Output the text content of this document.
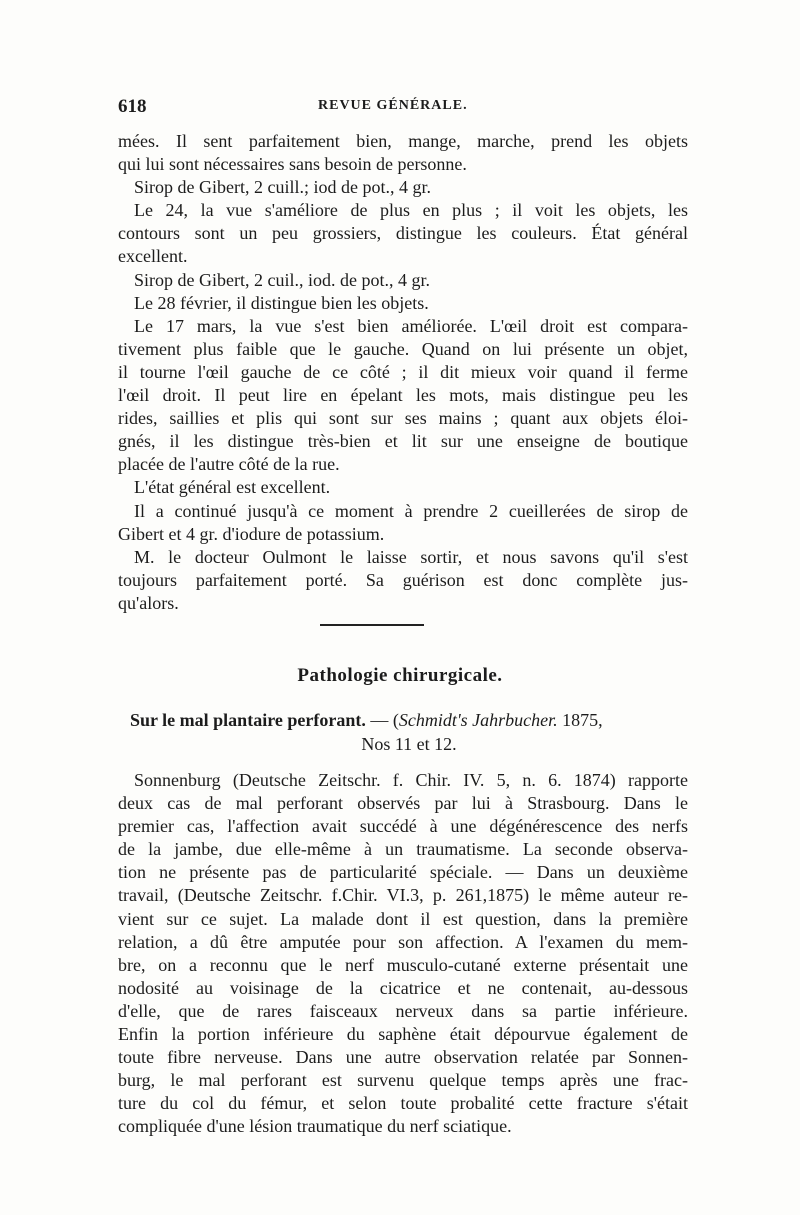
618	REVUE GÉNÉRALE.
mées. Il sent parfaitement bien, mange, marche, prend les objets
qui lui sont nécessaires sans besoin de personne.
Sirop de Gibert, 2 cuill.; iod de pot., 4 gr.
Le 24, la vue s'améliore de plus en plus ; il voit les objets, les
contours sont un peu grossiers, distingue les couleurs. État général
excellent.
Sirop de Gibert, 2 cuil., iod. de pot., 4 gr.
Le 28 février, il distingue bien les objets.
Le 17 mars, la vue s'est bien améliorée. L'œil droit est compara-
tivement plus faible que le gauche. Quand on lui présente un objet,
il tourne l'œil gauche de ce côté ; il dit mieux voir quand il ferme
l'œil droit. Il peut lire en épelant les mots, mais distingue peu les
rides, saillies et plis qui sont sur ses mains ; quant aux objets éloi-
gnés, il les distingue très-bien et lit sur une enseigne de boutique
placée de l'autre côté de la rue.
L'état général est excellent.
Il a continué jusqu'à ce moment à prendre 2 cueillerées de sirop de
Gibert et 4 gr. d'iodure de potassium.
M. le docteur Oulmont le laisse sortir, et nous savons qu'il s'est
toujours parfaitement porté. Sa guérison est donc complète jus-
qu'alors.
Pathologie chirurgicale.
Sur le mal plantaire perforant. — (Schmidt's Jahrbucher. 1875,
Nos 11 et 12.
Sonnenburg (Deutsche Zeitschr. f. Chir. IV. 5, n. 6. 1874) rapporte
deux cas de mal perforant observés par lui à Strasbourg. Dans le
premier cas, l'affection avait succédé à une dégénérescence des nerfs
de la jambe, due elle-même à un traumatisme. La seconde observa-
tion ne présente pas de particularité spéciale. — Dans un deuxième
travail, (Deutsche Zeitschr. f.Chir. VI.3, p. 261,1875) le même auteur re-
vient sur ce sujet. La malade dont il est question, dans la première
relation, a dû être amputée pour son affection. A l'examen du mem-
bre, on a reconnu que le nerf musculo-cutané externe présentait une
nodosité au voisinage de la cicatrice et ne contenait, au-dessous
d'elle, que de rares faisceaux nerveux dans sa partie inférieure.
Enfin la portion inférieure du saphène était dépourvue également de
toute fibre nerveuse. Dans une autre observation relatée par Sonnen-
burg, le mal perforant est survenu quelque temps après une frac-
ture du col du fémur, et selon toute probalité cette fracture s'était
compliquée d'une lésion traumatique du nerf sciatique.
